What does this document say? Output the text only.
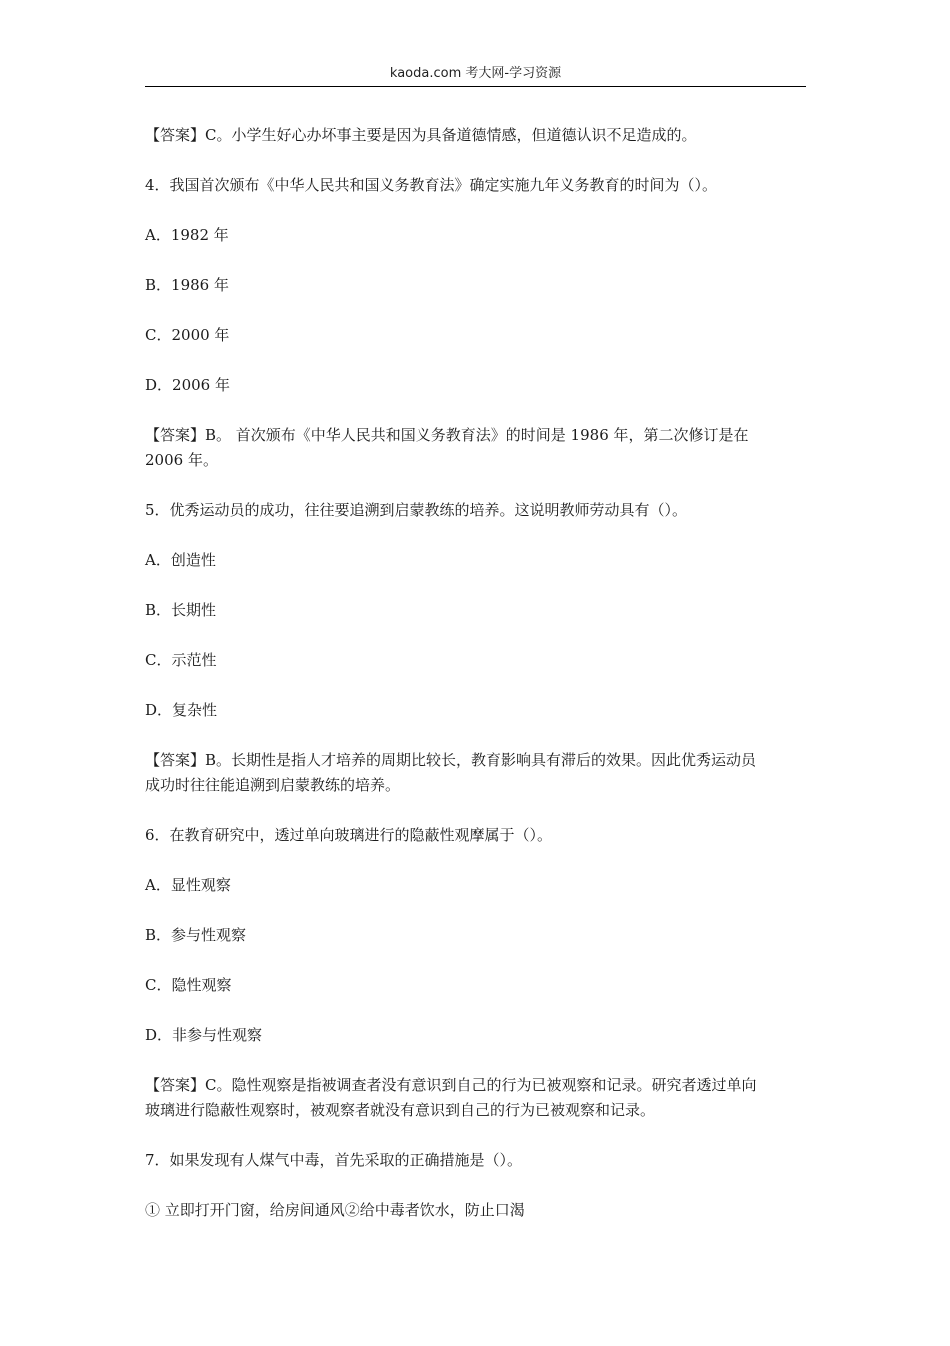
kaoda.com 考大网-学习资源
【答案】C。小学生好心办坏事主要是因为具备道德情感，但道德认识不足造成的。
4．我国首次颁布《中华人民共和国义务教育法》确定实施九年义务教育的时间为（）。
A．1982 年
B．1986 年
C．2000 年
D．2006 年
【答案】B。 首次颁布《中华人民共和国义务教育法》的时间是 1986 年，第二次修订是在
2006 年。
5．优秀运动员的成功，往往要追溯到启蒙教练的培养。这说明教师劳动具有（）。
A．创造性
B．长期性
C．示范性
D．复杂性
【答案】B。长期性是指人才培养的周期比较长，教育影响具有滞后的效果。因此优秀运动员
成功时往往能追溯到启蒙教练的培养。
6．在教育研究中，透过单向玻璃进行的隐蔽性观摩属于（）。
A．显性观察
B．参与性观察
C．隐性观察
D．非参与性观察
【答案】C。隐性观察是指被调查者没有意识到自己的行为已被观察和记录。研究者透过单向
玻璃进行隐蔽性观察时，被观察者就没有意识到自己的行为已被观察和记录。
7．如果发现有人煤气中毒，首先采取的正确措施是（）。
① 立即打开门窗，给房间通风②给中毒者饮水，防止口渴
